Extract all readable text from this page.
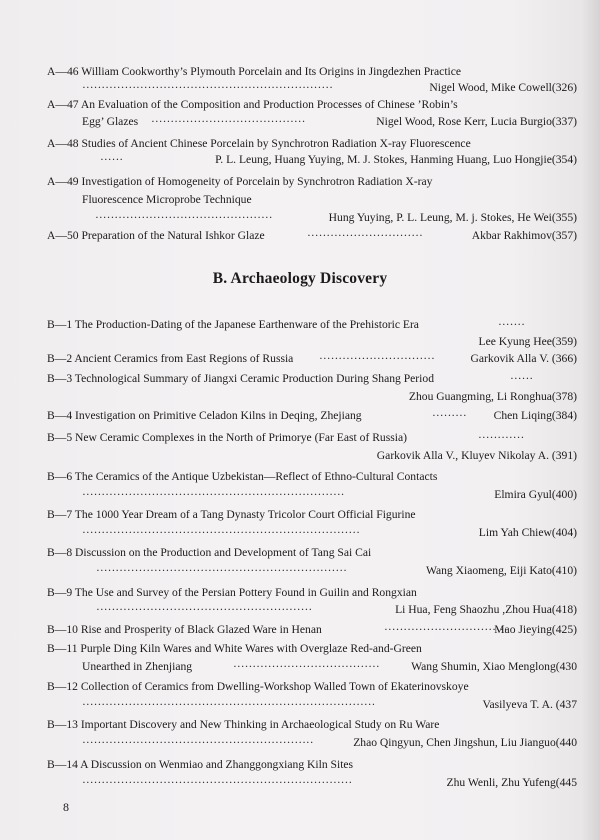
A—46 William Cookworthy’s Plymouth Porcelain and Its Origins in Jingdezhen Practice
·································································	Nigel Wood, Mike Cowell(326)
A—47 An Evaluation of the Composition and Production Processes of Chinese ’Robin’s
Egg’ Glazes ········································	Nigel Wood, Rose Kerr, Lucia Burgio(337)
A—48 Studies of Ancient Chinese Porcelain by Synchrotron Radiation X-ray Fluorescence
······	P. L. Leung, Huang Yuying, M. J. Stokes, Hanming Huang, Luo Hongjie(354)
A—49 Investigation of Homogeneity of Porcelain by Synchrotron Radiation X-ray
Fluorescence Microprobe Technique
··············································	Hung Yuying, P. L. Leung, M. j. Stokes, He Wei(355)
A—50 Preparation of the Natural Ishkor Glaze	······························	Akbar Rakhimov(357)
B. Archaeology Discovery
B—1 The Production-Dating of the Japanese Earthenware of the Prehistoric Era	·······
Lee Kyung Hee(359)
B—2 Ancient Ceramics from East Regions of Russia ······························	Garkovik Alla V. (366)
B—3 Technological Summary of Jiangxi Ceramic Production During Shang Period	······
Zhou Guangming, Li Ronghua(378)
B—4 Investigation on Primitive Celadon Kilns in Deqing, Zhejiang	········· Chen Liqing(384)
B—5 New Ceramic Complexes in the North of Primorye (Far East of Russia)	············
Garkovik Alla V., Kluyev Nikolay A. (391)
B—6 The Ceramics of the Antique Uzbekistan—Reflect of Ethno-Cultural Contacts
····································································	Elmira Gyul(400)
B—7 The 1000 Year Dream of a Tang Dynasty Tricolor Court Official Figurine
········································································	Lim Yah Chiew(404)
B—8 Discussion on the Production and Development of Tang Sai Cai
·································································	Wang Xiaomeng, Eiji Kato(410)
B—9 The Use and Survey of the Persian Pottery Found in Guilin and Rongxian
························································	Li Hua, Feng Shaozhu ,Zhou Hua(418)
B—10 Rise and Prosperity of Black Glazed Ware in Henan	································
Mao Jieying(425)
B—11 Purple Ding Kiln Wares and White Wares with Overglaze Red-and-Green
Unearthed in Zhenjiang	······································	Wang Shumin, Xiao Menglong(430
B—12 Collection of Ceramics from Dwelling-Workshop Walled Town of Ekaterinovskoye
············································································	Vasilyeva T. A. (437
B—13 Important Discovery and New Thinking in Archaeological Study on Ru Ware
····························································	Zhao Qingyun, Chen Jingshun, Liu Jianguo(440
B—14 A Discussion on Wenmiao and Zhanggongxiang Kiln Sites
······································································	Zhu Wenli, Zhu Yufeng(445
8
